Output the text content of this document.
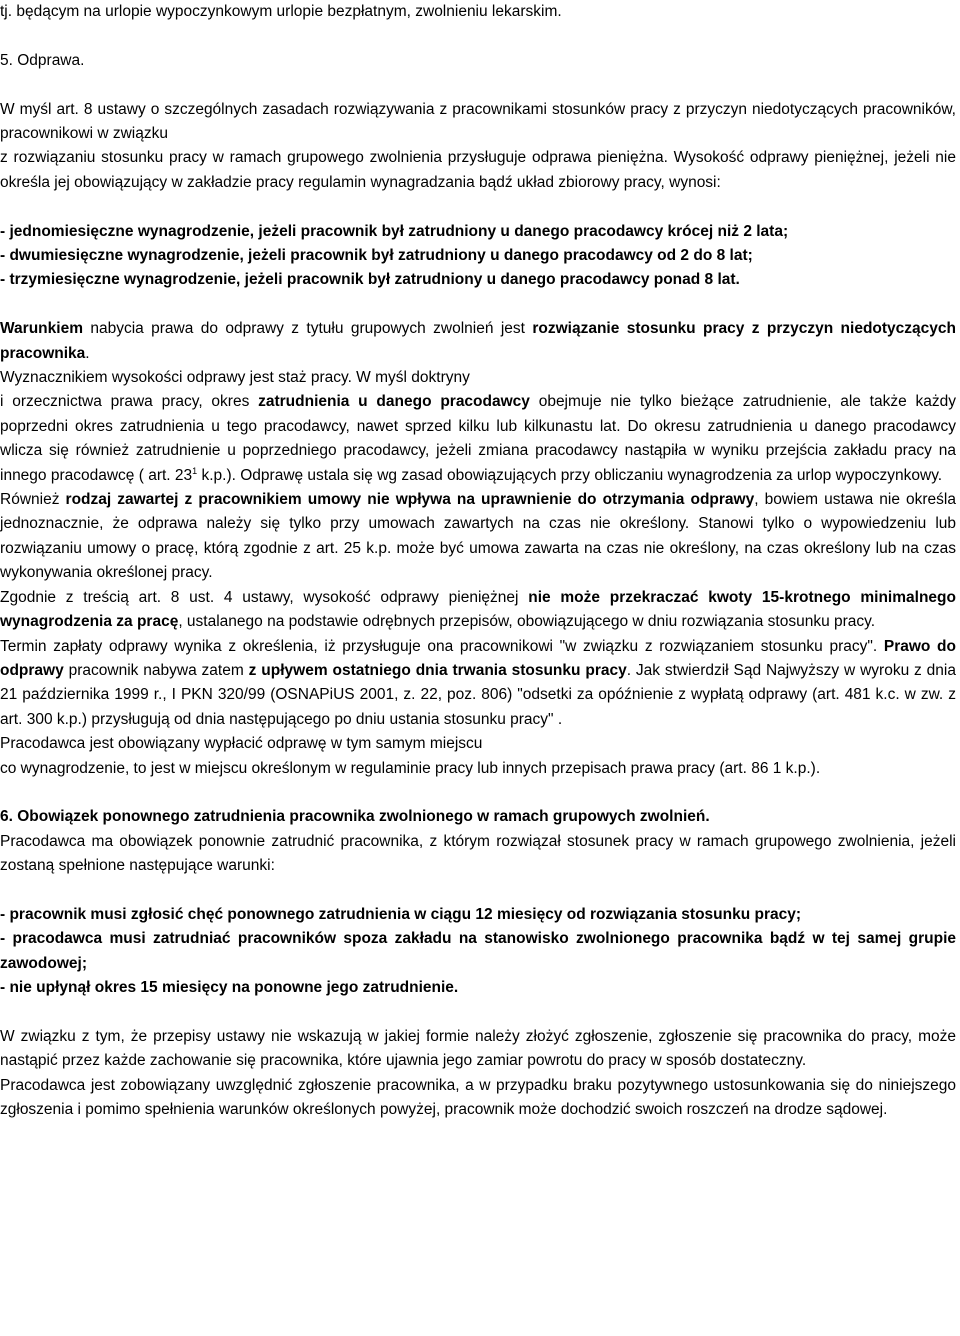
tj. będącym na urlopie wypoczynkowym urlopie bezpłatnym, zwolnieniu lekarskim.

5. Odprawa.

W myśl art. 8 ustawy o szczególnych zasadach rozwiązywania z pracownikami stosunków pracy z przyczyn niedotyczących pracowników, pracownikowi w związku
z rozwiązaniu stosunku pracy w ramach grupowego zwolnienia przysługuje odprawa pieniężna. Wysokość odprawy pieniężnej, jeżeli nie określa jej obowiązujący w zakładzie pracy regulamin wynagradzania bądź układ zbiorowy pracy, wynosi:

- jednomiesięczne wynagrodzenie, jeżeli pracownik był zatrudniony u danego pracodawcy krócej niż 2 lata;

- dwumiesięczne wynagrodzenie, jeżeli pracownik był zatrudniony u danego pracodawcy od 2 do 8 lat;

- trzymiesięczne wynagrodzenie, jeżeli pracownik był zatrudniony u danego pracodawcy ponad 8 lat.

Warunkiem nabycia prawa do odprawy z tytułu grupowych zwolnień jest rozwiązanie stosunku pracy z przyczyn niedotyczących pracownika.

Wyznacznikiem wysokości odprawy jest staż pracy. W myśl doktryny

i orzecznictwa prawa pracy, okres zatrudnienia u danego pracodawcy obejmuje nie tylko bieżące zatrudnienie, ale także każdy poprzedni okres zatrudnienia u tego pracodawcy, nawet sprzed kilku lub kilkunastu lat. Do okresu zatrudnienia u danego pracodawcy wlicza się również zatrudnienie u poprzedniego pracodawcy, jeżeli zmiana pracodawcy nastąpiła w wyniku przejścia zakładu pracy na innego pracodawcę ( art. $23^1$ k.p.). Odprawę ustala się wg zasad obowiązujących przy obliczaniu wynagrodzenia za urlop wypoczynkowy.

Również rodzaj zawartej z pracownikiem umowy nie wpływa na uprawnienie do otrzymania odprawy, bowiem ustawa nie określa jednoznacznie, że odprawa należy się tylko przy umowach zawartych na czas nie określony. Stanowi tylko o wypowiedzeniu lub rozwiązaniu umowy o pracę, którą zgodnie z art. 25 k.p. może być umowa zawarta na czas nie określony, na czas określony lub na czas wykonywania określonej pracy.

Zgodnie z treścią art. 8 ust. 4 ustawy, wysokość odprawy pieniężnej nie może przekraczać kwoty 15-krotnego minimalnego wynagrodzenia za pracę, ustalanego na podstawie odrębnych przepisów, obowiązującego w dniu rozwiązania stosunku pracy.

Termin zapłaty odprawy wynika z określenia, iż przysługuje ona pracownikowi "w związku z rozwiązaniem stosunku pracy". Prawo do odprawy pracownik nabywa zatem z upływem ostatniego dnia trwania stosunku pracy. Jak stwierdził Sąd Najwyższy w wyroku z dnia 21 października 1999 r., I PKN 320/99 (OSNAPiUS 2001, z. 22, poz. 806) "odsetki za opóźnienie z wypłatą odprawy (art. 481 k.c. w zw. z art. 300 k.p.) przysługują od dnia następującego po dniu ustania stosunku pracy" .

Pracodawca jest obowiązany wypłacić odprawę w tym samym miejscu

co wynagrodzenie, to jest w miejscu określonym w regulaminie pracy lub innych przepisach prawa pracy (art. 86 1 k.p.).

6. Obowiązek ponownego zatrudnienia pracownika zwolnionego w ramach grupowych zwolnień.

Pracodawca ma obowiązek ponownie zatrudnić pracownika, z którym rozwiązał stosunek pracy w ramach grupowego zwolnienia, jeżeli zostaną spełnione następujące warunki:

- pracownik musi zgłosić chęć ponownego zatrudnienia w ciągu 12 miesięcy od rozwiązania stosunku pracy;

- pracodawca musi zatrudniać pracowników spoza zakładu na stanowisko zwolnionego pracownika bądź w tej samej grupie zawodowej;

- nie upłynął okres 15 miesięcy na ponowne jego zatrudnienie.

W związku z tym, że przepisy ustawy nie wskazują w jakiej formie należy złożyć zgłoszenie, zgłoszenie się pracownika do pracy, może nastąpić przez każde zachowanie się pracownika, które ujawnia jego zamiar powrotu do pracy w sposób dostateczny.

Pracodawca jest zobowiązany uwzględnić zgłoszenie pracownika, a w przypadku braku pozytywnego ustosunkowania się do niniejszego zgłoszenia i pomimo spełnienia warunków określonych powyżej, pracownik może dochodzić swoich roszczeń na drodze sądowej.
